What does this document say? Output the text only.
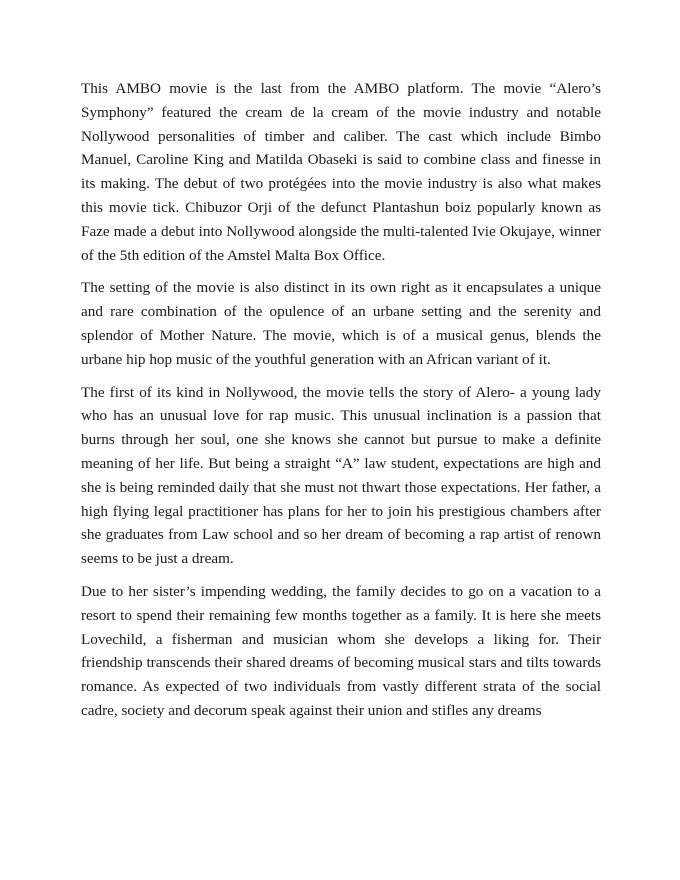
This AMBO movie is the last from the AMBO platform. The movie “Alero’s Symphony” featured the cream de la cream of the movie industry and notable Nollywood personalities of timber and caliber. The cast which include Bimbo Manuel, Caroline King and Matilda Obaseki is said to combine class and finesse in its making. The debut of two protégées into the movie industry is also what makes this movie tick. Chibuzor Orji of the defunct Plantashun boiz popularly known as Faze made a debut into Nollywood alongside the multi-talented Ivie Okujaye, winner of the 5th edition of the Amstel Malta Box Office.

The setting of the movie is also distinct in its own right as it encapsulates a unique and rare combination of the opulence of an urbane setting and the serenity and splendor of Mother Nature. The movie, which is of a musical genus, blends the urbane hip hop music of the youthful generation with an African variant of it.

The first of its kind in Nollywood, the movie tells the story of Alero- a young lady who has an unusual love for rap music. This unusual inclination is a passion that burns through her soul, one she knows she cannot but pursue to make a definite meaning of her life. But being a straight “A” law student, expectations are high and she is being reminded daily that she must not thwart those expectations. Her father, a high flying legal practitioner has plans for her to join his prestigious chambers after she graduates from Law school and so her dream of becoming a rap artist of renown seems to be just a dream.

Due to her sister’s impending wedding, the family decides to go on a vacation to a resort to spend their remaining few months together as a family. It is here she meets Lovechild, a fisherman and musician whom she develops a liking for. Their friendship transcends their shared dreams of becoming musical stars and tilts towards romance. As expected of two individuals from vastly different strata of the social cadre, society and decorum speak against their union and stifles any dreams
